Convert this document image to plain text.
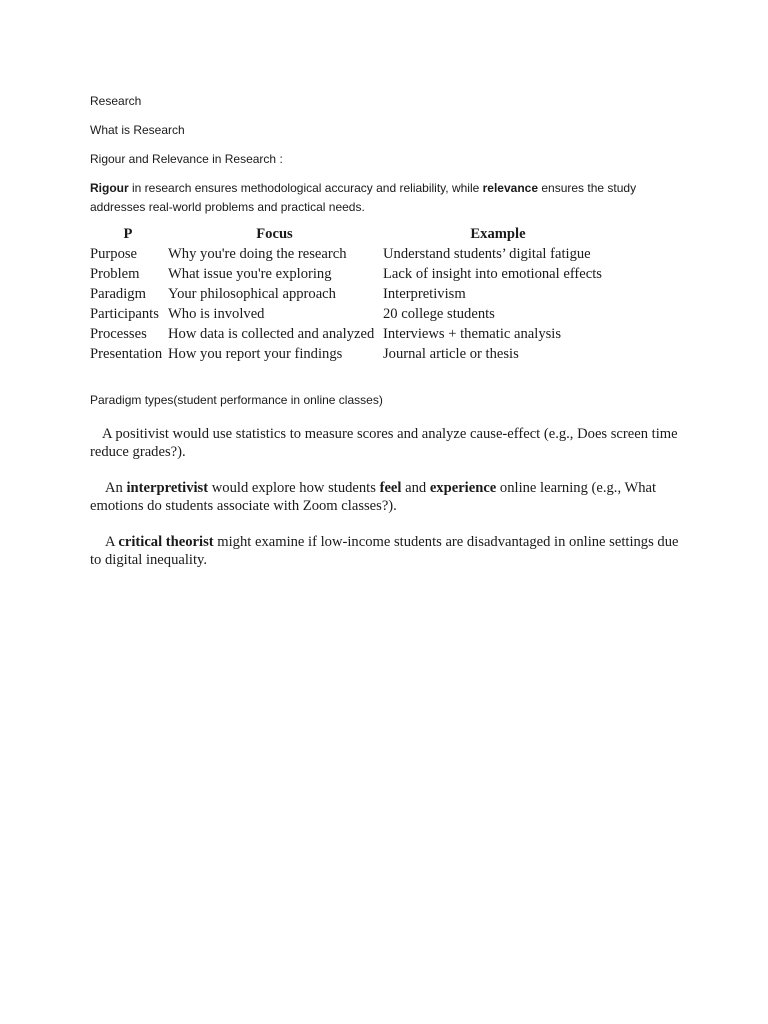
Research

What is Research

Rigour and Relevance in Research :

Rigour in research ensures methodological accuracy and reliability, while relevance ensures the study addresses real-world problems and practical needs.

P	Focus	Example
Purpose	Why you're doing the research	Understand students’ digital fatigue
Problem	What issue you're exploring	Lack of insight into emotional effects
Paradigm	Your philosophical approach	Interpretivism
Participants	Who is involved	20 college students
Processes	How data is collected and analyzed	Interviews + thematic analysis
Presentation	How you report your findings	Journal article or thesis

Paradigm types(student performance in online classes)

A positivist would use statistics to measure scores and analyze cause-effect (e.g., Does screen time reduce grades?).

An interpretivist would explore how students feel and experience online learning (e.g., What emotions do students associate with Zoom classes?).

A critical theorist might examine if low-income students are disadvantaged in online settings due to digital inequality.
